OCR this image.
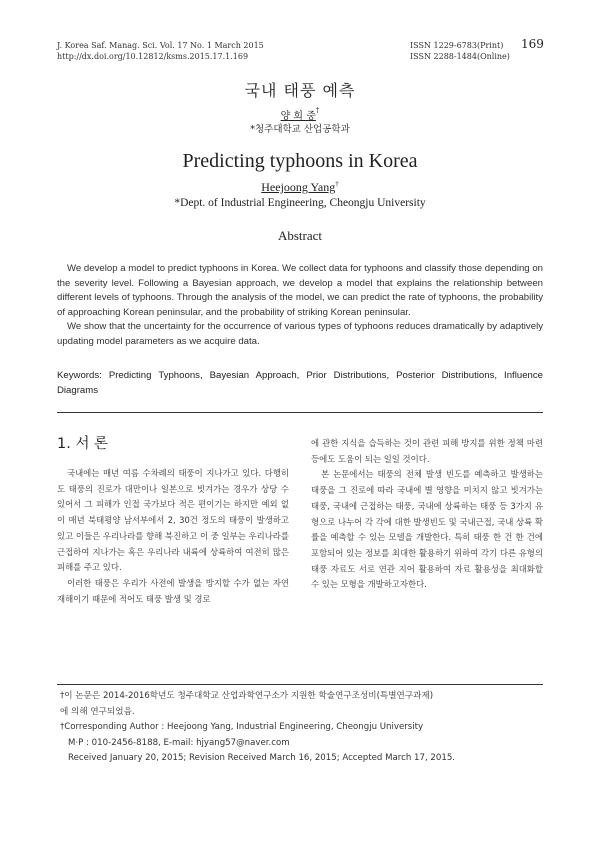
J. Korea Saf. Manag. Sci. Vol. 17 No. 1 March 2015
http://dx.doi.org/10.12812/ksms.2015.17.1.169
ISSN 1229-6783(Print)
ISSN 2288-1484(Online)
169
국내 태풍 예측
양 희 중†
*청주대학교 산업공학과
Predicting typhoons in Korea
Heejoong Yang†
*Dept. of Industrial Engineering, Cheongju University
Abstract

We develop a model to predict typhoons in Korea. We collect data for typhoons and classify those depending on the severity level. Following a Bayesian approach, we develop a model that explains the relationship between different levels of typhoons. Through the analysis of the model, we can predict the rate of typhoons, the probability of approaching Korean peninsular, and the probability of striking Korean peninsular.

We show that the uncertainty for the occurrence of various types of typhoons reduces dramatically by adaptively updating model parameters as we acquire data.

Keywords: Predicting Typhoons, Bayesian Approach, Prior Distributions, Posterior Distributions, Influence Diagrams
1. 서 론

국내에는 매년 여름 수차례의 태풍이 지나가고 있다. 다행히도 태풍의 진로가 대만이나 일본으로 빗겨가는 경우가 상당 수 있어서 그 피해가 인접 국가보다 적은 편이기는 하지만 예외 없이 매년 북태평양 남서부에서 2, 30건 정도의 태풍이 발생하고 있고 이들은 우리나라를 향해 북진하고 이 중 일부는 우리나라를 근접하여 지나가는 혹은 우리나라 내륙에 상륙하여 여전히 많은 피해를 주고 있다.

이러한 태풍은 우리가 사전에 발생을 방지할 수가 없는 자연재해이기 때문에 적어도 태풍 발생 및 경로

에 관한 지식을 습득하는 것이 관련 피해 방지를 위한 정책 마련 등에도 도움이 되는 일일 것이다.

본 논문에서는 태풍의 전체 발생 빈도를 예측하고 발생하는 태풍을 그 진로에 따라 국내에 별 영향을 미치지 않고 빗겨가는 태풍, 국내에 근접하는 태풍, 국내에 상륙하는 태풍 등 3가지 유형으로 나누어 각 각에 대한 발생빈도 및 국내근접, 국내 상륙 확률을 예측할 수 있는 모델을 개발한다. 특히 태풍 한 건 한 건에 포함되어 있는 정보를 최대한 활용하기 위하여 각기 다른 유형의 태풍 자료도 서로 연관 지어 활용하여 자료 활용성을 최대화할 수 있는 모형을 개발하고자한다.

†이 논문은 2014-2016학년도 청주대학교 산업과학연구소가 지원한 학술연구조성비(특별연구과제)
에 의해 연구되었음.
†Corresponding Author : Heejoong Yang, Industrial Engineering, Cheongju University
M·P : 010-2456-8188, E-mail: hjyang57@naver.com
Received January 20, 2015; Revision Received March 16, 2015; Accepted March 17, 2015.
